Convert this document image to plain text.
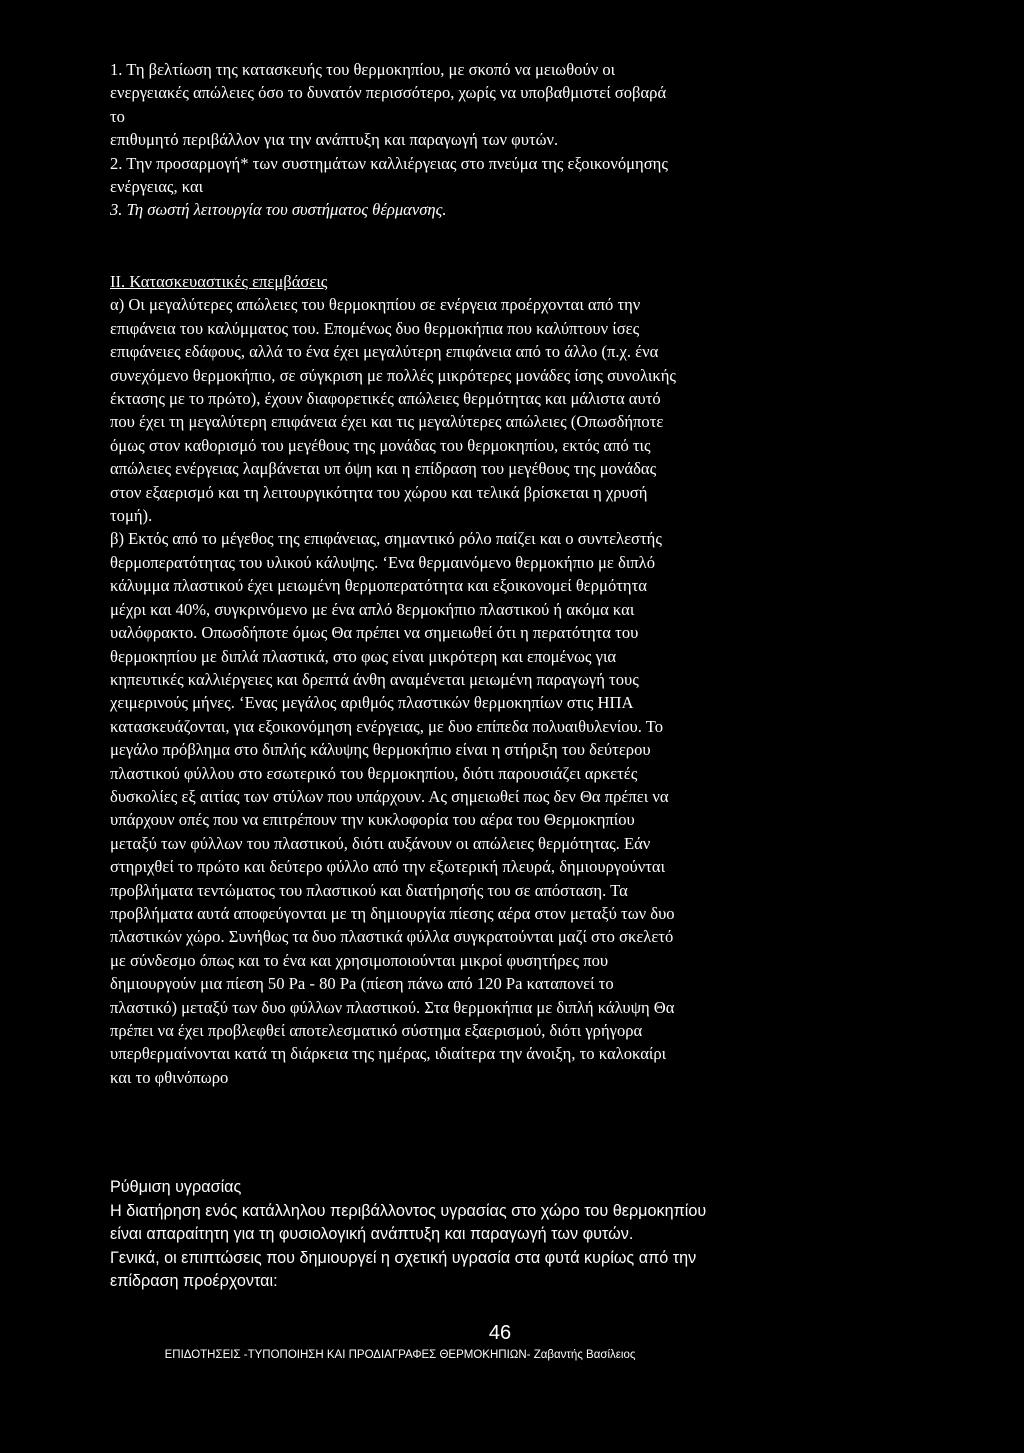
1. Τη βελτίωση της κατασκευής του θερμοκηπίου, με σκοπό να μειωθούν οι
ενεργειακές απώλειες όσο το δυνατόν περισσότερο, χωρίς να υποβαθμιστεί σοβαρά
το
επιθυμητό περιβάλλον για την ανάπτυξη και παραγωγή των φυτών.
2. Την προσαρμογή* των συστημάτων καλλιέργειας στο πνεύμα της εξοικονόμησης
ενέργειας, και
3. Τη σωστή λειτουργία του συστήματος θέρμανσης.
ΙΙ. Κατασκευαστικές επεμβάσεις
α) Οι μεγαλύτερες απώλειες του θερμοκηπίου σε ενέργεια προέρχονται από την
επιφάνεια του καλύμματος του. Επομένως δυο θερμοκήπια που καλύπτουν ίσες
επιφάνειες εδάφους, αλλά το ένα έχει μεγαλύτερη επιφάνεια από το άλλο (π.χ. ένα
συνεχόμενο θερμοκήπιο, σε σύγκριση με πολλές μικρότερες μονάδες ίσης συνολικής
έκτασης με το πρώτο), έχουν διαφορετικές απώλειες θερμότητας και μάλιστα αυτό
που έχει τη μεγαλύτερη επιφάνεια έχει και τις μεγαλύτερες απώλειες (Οπωσδήποτε
όμως στον καθορισμό του μεγέθους της μονάδας του θερμοκηπίου, εκτός από τις
απώλειες ενέργειας λαμβάνεται υπ όψη και η επίδραση του μεγέθους της μονάδας
στον εξαερισμό και τη λειτουργικότητα του χώρου και τελικά βρίσκεται η χρυσή
τομή).
β) Εκτός από το μέγεθος της επιφάνειας, σημαντικό ρόλο παίζει και ο συντελεστής
θερμοπερατότητας του υλικού κάλυψης. ‘Ενα θερμαινόμενο θερμοκήπιο με διπλό
κάλυμμα πλαστικού έχει μειωμένη θερμοπερατότητα και εξοικονομεί θερμότητα
μέχρι και 40%, συγκρινόμενο με ένα απλό 8ερμοκήπιο πλαστικού ή ακόμα και
υαλόφρακτο. Οπωσδήποτε όμως Θα πρέπει να σημειωθεί ότι η περατότητα του
θερμοκηπίου με διπλά πλαστικά, στο φως είναι μικρότερη και επομένως για
κηπευτικές καλλιέργειες και δρεπτά άνθη αναμένεται μειωμένη παραγωγή τους
χειμερινούς μήνες. ‘Ενας μεγάλος αριθμός πλαστικών θερμοκηπίων στις ΗΠΑ
κατασκευάζονται, για εξοικονόμηση ενέργειας, με δυο επίπεδα πολυαιθυλενίου. Το
μεγάλο πρόβλημα στο διπλής κάλυψης θερμοκήπιο είναι η στήριξη του δεύτερου
πλαστικού φύλλου στο εσωτερικό του θερμοκηπίου, διότι παρουσιάζει αρκετές
δυσκολίες εξ αιτίας των στύλων που υπάρχουν. Ας σημειωθεί πως δεν Θα πρέπει να
υπάρχουν οπές που να επιτρέπουν την κυκλοφορία του αέρα του Θερμοκηπίου
μεταξύ των φύλλων του πλαστικού, διότι αυξάνουν οι απώλειες θερμότητας. Εάν
στηριχθεί το πρώτο και δεύτερο φύλλο από την εξωτερική πλευρά, δημιουργούνται
προβλήματα τεντώματος του πλαστικού και διατήρησής του σε απόσταση. Τα
προβλήματα αυτά αποφεύγονται με τη δημιουργία πίεσης αέρα στον μεταξύ των δυο
πλαστικών χώρο. Συνήθως τα δυο πλαστικά φύλλα συγκρατούνται μαζί στο σκελετό
με σύνδεσμο όπως και το ένα και χρησιμοποιούνται μικροί φυσητήρες που
δημιουργούν μια πίεση 50 Pa - 80 Pa (πίεση πάνω από 120 Pa καταπονεί το
πλαστικό) μεταξύ των δυο φύλλων πλαστικού. Στα θερμοκήπια με διπλή κάλυψη Θα
πρέπει να έχει προβλεφθεί αποτελεσματικό σύστημα εξαερισμού, διότι γρήγορα
υπερθερμαίνονται κατά τη διάρκεια της ημέρας, ιδιαίτερα την άνοιξη, το καλοκαίρι
και το φθινόπωρο
Ρύθμιση υγρασίας
Η διατήρηση ενός κατάλληλου περιβάλλοντος υγρασίας στο χώρο του θερμοκηπίου
είναι απαραίτητη για τη φυσιολογική ανάπτυξη και παραγωγή των φυτών.
Γενικά, οι επιπτώσεις που δημιουργεί η σχετική υγρασία στα φυτά κυρίως από την
επίδραση προέρχονται:
46
ΕΠΙΔΟΤΗΣΕΙΣ -ΤΥΠΟΠΟΙΗΣΗ ΚΑΙ ΠΡΟΔΙΑΓΡΑΦΕΣ ΘΕΡΜΟΚΗΠΙΩΝ- Ζαβαντής Βασίλειος
